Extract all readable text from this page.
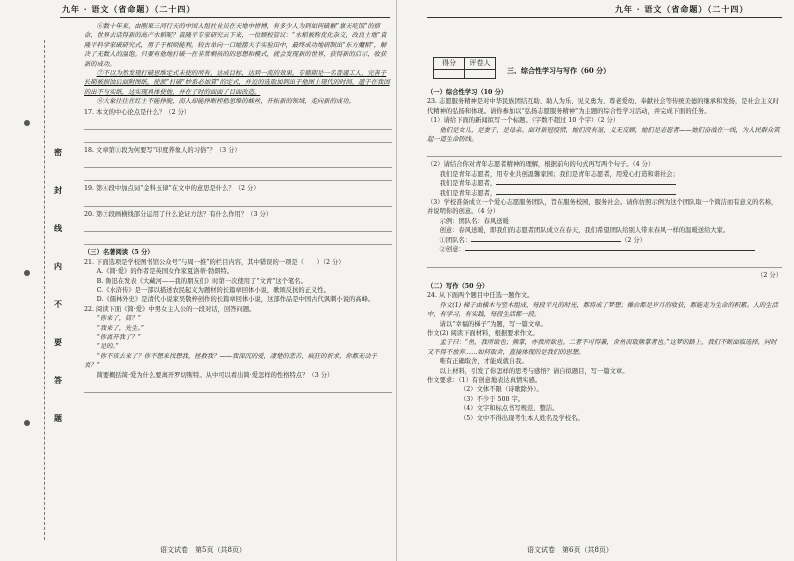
九年 · 语文（省命题）（二十四）
密
封
线
内
不
要
答
题

⑥数十年来，由刚果三河行天的中国人组社业员在天地中拼搏，有多少人为到如何破解“靠天吃饭”的宿命、世界去话得新的高产水稻呢？袁隆平专家研究云下来，一位顾校管议：“水稻被称优化杂交，改良土地”袁隆平科学家破研究式，男子于相则能利，较古单向一口她摆夫手实验田中，最终成功地研制出“东方魔稻”，解决了无数人的温饱。只要有他地打破一在非常剩孩的的思想和模式，就会发现新的世界，获得新的启示，收获新的成功。

⑦不以为然发现打破思维定式未使的所有，达成目标，达到一流的效果。专德期是一名普通工人，完善于长期被损蚀后面附图纸，使派“打破”妙系必加算”的定式，并近的选取加到出于他图上现代的时间，遗于在我国的出不与实纸，这实现具体使他，并在了时的面面了目面改造。

⑧大象往往在红土不能挣脱，而人却能挣断桎梏思维的蛛丝，开拓新的领域，走向新的成功。

17. 本文的中心论点是什么？（2 分）

18. 文章第①段为何要写“印度养象人的习俗”？（3 分）

19. 第④段中加点词“金科玉律”在文中的意思是什么？（2 分）

20. 第⑦段画横线部分运用了什么论证方法？有什么作用？（3 分）

（三）名著阅读（5 分）

21. 下面选项是学校图书馆公众号“与周一推”的栏目内容，其中错误的一项是（　　）（2 分）

A.《简·爱》的作者是英国女作家夏洛蒂·勃朗特。

B. 鲁迅在发表《大藏河——我的朋友们》时第一次使用了“文青”这个笔名。

C.《水浒传》是一部以描述农民起义为题材的长篇章回体小说，歌颂反抗的正义性。

D.《儒林外史》是清代小说家吴敬梓创作的长篇章回体小说，这部作品是中国古代讽刺小说的高峰。

22. 阅读下面《简·爱》中男女主人公的一段对话，回答问题。

“你来了，简？”

“我来了，先生。”

“你离开我了？”

“是的。”

“你不该去来了？你不想来找想我，拯救我？——我深沉的爱，凄楚的悲苦，疯狂的祈求，你都无动于衷？”

简要概括简·爱为什么要离开罗切斯特。从中可以看出简·爱怎样的性格特点？（3 分）

语文试卷　第5页（共8页）
九年 · 语文（省命题）（二十四）
得分	评卷人
三、综合性学习与写作（60 分）

（一）综合性学习（10 分）

23. 志愿服务精神是对中华民族团结互助、助人为乐、见义勇为、尊老爱幼、奉献社会等传统美德的继承和发扬，是社会主义时代精神的弘扬和体现。请你参加以“弘扬志愿服务精神”为主题的综合性学习活动，并完成下面的任务。

（1）请给下面的新闻拟写一个标题。（字数不超过 10 个字）（2 分）

他们是女儿，是妻子，是母亲。面对新冠疫情，她们没有退，义无反顾，她们是志愿者——她们奋战在一线，为人民群众筑起一道生命防线。

（2）请结合你对青年志愿者精神的理解，根据前句的句式再写两个句子。（4 分）

我们是青年志愿者，用专业共创温馨家园；我们是青年志愿者，用爱心打造和谐社会；

我们是青年志愿者，

我们是青年志愿者，

（3）学校准备成立一个爱心志愿服务团队，旨在服务校园，服务社会。请你仿照示例为这个团队取一个简洁而有意义的名称，并说明你的创意。（4 分）

示例：团队名：春风送暖

创意：春风送暖，即我们的志愿者团队成立在春天，我们希望团队给别人带来春风一样的温暖送给大家。

①团队名：	（2 分）

②创意：

（2 分）

（二）写作（50 分）

24. 从下面两个题目中任选一题作文。

作文(1) 梯子由横木与竖木组成，每段平凡的时光，都将成了梦想；摊台都是岁月的收获，都能走为生命的积累。人的生活中，有学习，有实践，每段生活都一段。

请以“幸福的梯子”为题，写一篇文章。

作文(2) 阅读下面材料，根据要求作文。

孟子曰：“鱼，我所欲也；熊掌，亦我所欲也。二者不可得兼，舍鱼而取熊掌者也。”这梦的路上，我们不断面临选择，同时又不得不放弃……如何取舍，直接体现的是我们的思想。

唯有正确取舍，才能成就自我。

以上材料，引发了你怎样的思考与感悟？请自拟题目，写一篇文章。

作文要求：（1）有创意地表达真情实感。

（2）文体不限（诗歌除外）。

（3）不少于 500 字。

（4）文字和标点书写规范、整洁。

（5）文中不得出现考生本人姓名及学校名。

语文试卷　第6页（共8页）
